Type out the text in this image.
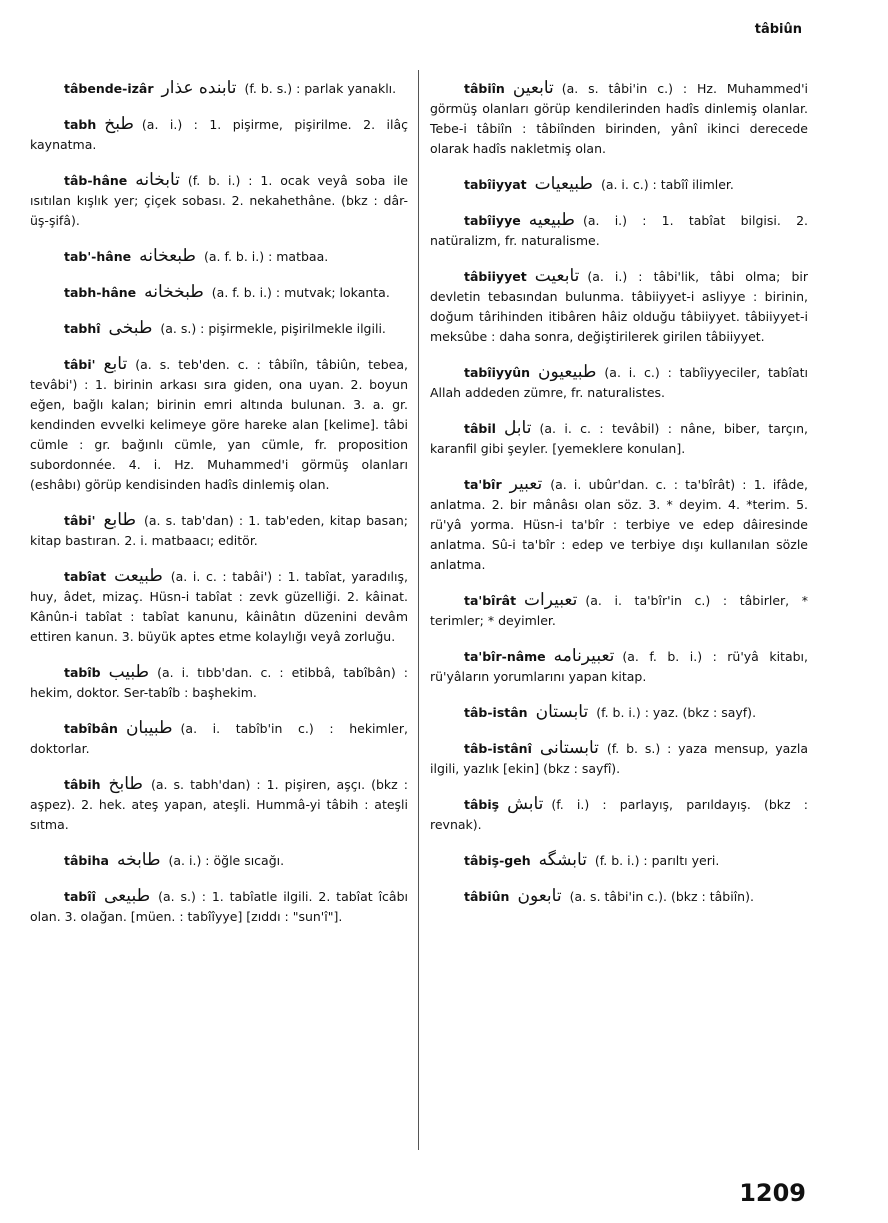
tâbiûn
tâbende-izâr تابنده عذار (f. b. s.) : parlak yanaklı.
tabh طبخ (a. i.) : 1. pişirme, pişirilme. 2. ilâç kaynatma.
tâb-hâne تابخانه (f. b. i.) : 1. ocak veyâ soba ile ısıtılan kışlık yer; çiçek sobası. 2. nekahethâne. (bkz : dâr-üş-şifâ).
tab'-hâne طبعخانه (a. f. b. i.) : matbaa.
tabh-hâne طبخخانه (a. f. b. i.) : mutvak; lokanta.
tabhî طبخى (a. s.) : pişirmekle, pişirilmekle ilgili.
tâbi' تابع (a. s. teb'den. c. : tâbiîn, tâbiûn, tebea, tevâbi') : 1. birinin arkası sıra giden, ona uyan. 2. boyun eğen, bağlı kalan; birinin emri altında bulunan. 3. a. gr. kendinden evvelki kelimeye göre hareke alan [kelime]. tâbi cümle : gr. bağınlı cümle, yan cümle, fr. proposition subordonnée. 4. i. Hz. Muhammed'i görmüş olanları (eshâbı) görüp kendisinden hadîs dinlemiş olan.
tâbi' طابع (a. s. tab'dan) : 1. tab'eden, kitap basan; kitap bastıran. 2. i. matbaacı; editör.
tabîat طبيعت (a. i. c. : tabâi') : 1. tabîat, yaradılış, huy, âdet, mizaç. Hüsn-i tabîat : zevk güzelliği. 2. kâinat. Kânûn-i tabîat : tabîat kanunu, kâinâtın düzenini devâm ettiren kanun. 3. büyük aptes etme kolaylığı veyâ zorluğu.
tabîb طبيب (a. i. tıbb'dan. c. : etibbâ, tabîbân) : hekim, doktor. Ser-tabîb : başhekim.
tabîbân طبيبان (a. i. tabîb'in c.) : hekimler, doktorlar.
tâbih طابخ (a. s. tabh'dan) : 1. pişiren, aşçı. (bkz : aşpez). 2. hek. ateş yapan, ateşli. Hummâ-yi tâbih : ateşli sıtma.
tâbiha طابخه (a. i.) : öğle sıcağı.
tabîî طبيعى (a. s.) : 1. tabîatle ilgili. 2. tabîat îcâbı olan. 3. olağan. [müen. : tabîîyye] [zıddı : "sun'î"].
tâbiîn تابعين (a. s. tâbi'in c.) : Hz. Muhammed'i görmüş olanları görüp kendilerinden hadîs dinlemiş olanlar. Tebe-i tâbiîn : tâbiînden birinden, yânî ikinci derecede olarak hadîs nakletmiş olan.
tabîiyyat طبيعيات (a. i. c.) : tabîî ilimler.
tabîiyye طبيعيه (a. i.) : 1. tabîat bilgisi. 2. natüralizm, fr. naturalisme.
tâbiiyyet تابعيت (a. i.) : tâbi'lik, tâbi olma; bir devletin tebasından bulunma. tâbiiyyet-i asliyye : birinin, doğum târihinden itibâren hâiz olduğu tâbiiyyet. tâbiiyyet-i meksûbe : daha sonra, değiştirilerek girilen tâbiiyyet.
tabîiyyûn طبيعيون (a. i. c.) : tabîiyyeciler, tabîatı Allah addeden zümre, fr. naturalistes.
tâbil تابل (a. i. c. : tevâbil) : nâne, biber, tarçın, karanfil gibi şeyler. [yemeklere konulan].
ta'bîr تعبير (a. i. ubûr'dan. c. : ta'bîrât) : 1. ifâde, anlatma. 2. bir mânâsı olan söz. 3. * deyim. 4. *terim. 5. rü'yâ yorma. Hüsn-i ta'bîr : terbiye ve edep dâiresinde anlatma. Sû-i ta'bîr : edep ve terbiye dışı kullanılan sözle anlatma.
ta'bîrât تعبيرات (a. i. ta'bîr'in c.) : tâbirler, * terimler; * deyimler.
ta'bîr-nâme تعبيرنامه (a. f. b. i.) : rü'yâ kitabı, rü'yâların yorumlarını yapan kitap.
tâb-istân تابستان (f. b. i.) : yaz. (bkz : sayf).
tâb-istânî تابستانى (f. b. s.) : yaza mensup, yazla ilgili, yazlık [ekin] (bkz : sayfî).
tâbiş تابش (f. i.) : parlayış, parıldayış. (bkz : revnak).
tâbiş-geh تابشگه (f. b. i.) : parıltı yeri.
tâbiûn تابعون (a. s. tâbi'in c.). (bkz : tâbiîn).
1209
